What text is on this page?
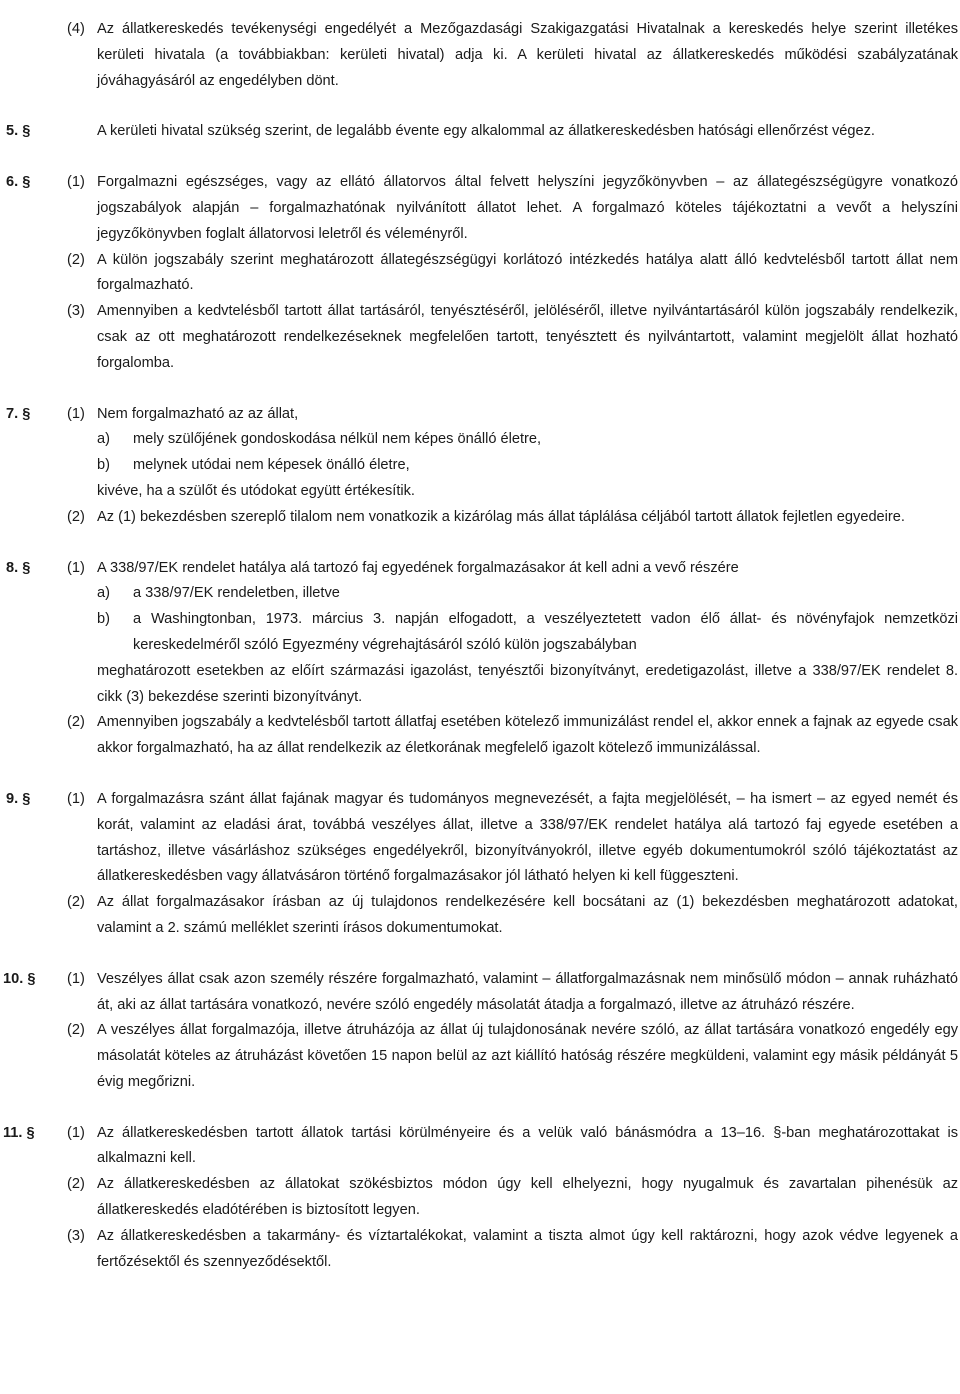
(4) Az állatkereskedés tevékenységi engedélyét a Mezőgazdasági Szakigazgatási Hivatalnak a kereskedés helye szerint illetékes kerületi hivatala (a továbbiakban: kerületi hivatal) adja ki. A kerületi hivatal az állatkereskedés működési szabályzatának jóváhagyásáról az engedélyben dönt.
5. §	A kerületi hivatal szükség szerint, de legalább évente egy alkalommal az állatkereskedésben hatósági ellenőrzést végez.
6. §	(1) Forgalmazni egészséges, vagy az ellátó állatorvos által felvett helyszíni jegyzőkönyvben – az állategészségügyre vonatkozó jogszabályok alapján – forgalmazhatónak nyilvánított állatot lehet. A forgalmazó köteles tájékoztatni a vevőt a helyszíni jegyzőkönyvben foglalt állatorvosi leletről és véleményről.
(2) A külön jogszabály szerint meghatározott állategészségügyi korlátozó intézkedés hatálya alatt álló kedvtelésből tartott állat nem forgalmazható.
(3) Amennyiben a kedvtelésből tartott állat tartásáról, tenyésztéséről, jelöléséről, illetve nyilvántartásáról külön jogszabály rendelkezik, csak az ott meghatározott rendelkezéseknek megfelelően tartott, tenyésztett és nyilvántartott, valamint megjelölt állat hozható forgalomba.
7. §	(1) Nem forgalmazható az az állat,
a) mely szülőjének gondoskodása nélkül nem képes önálló életre,
b) melynek utódai nem képesek önálló életre,
kivéve, ha a szülőt és utódokat együtt értékesítik.
(2) Az (1) bekezdésben szereplő tilalom nem vonatkozik a kizárólag más állat táplálása céljából tartott állatok fejletlen egyedeire.
8. §	(1) A 338/97/EK rendelet hatálya alá tartozó faj egyedének forgalmazásakor át kell adni a vevő részére
a) a 338/97/EK rendeletben, illetve
b) a Washingtonban, 1973. március 3. napján elfogadott, a veszélyeztetett vadon élő állat- és növényfajok nemzetközi kereskedelméről szóló Egyezmény végrehajtásáról szóló külön jogszabályban
meghatározott esetekben az előírt származási igazolást, tenyésztői bizonyítványt, eredetigazolást, illetve a 338/97/EK rendelet 8. cikk (3) bekezdése szerinti bizonyítványt.
(2) Amennyiben jogszabály a kedvtelésből tartott állatfaj esetében kötelező immunizálást rendel el, akkor ennek a fajnak az egyede csak akkor forgalmazható, ha az állat rendelkezik az életkorának megfelelő igazolt kötelező immunizálással.
9. §	(1) A forgalmazásra szánt állat fajának magyar és tudományos megnevezését, a fajta megjelölését, – ha ismert – az egyed nemét és korát, valamint az eladási árat, továbbá veszélyes állat, illetve a 338/97/EK rendelet hatálya alá tartozó faj egyede esetében a tartáshoz, illetve vásárláshoz szükséges engedélyekről, bizonyítványokról, illetve egyéb dokumentumokról szóló tájékoztatást az állatkereskedésben vagy állatvásáron történő forgalmazásakor jól látható helyen ki kell függeszteni.
(2) Az állat forgalmazásakor írásban az új tulajdonos rendelkezésére kell bocsátani az (1) bekezdésben meghatározott adatokat, valamint a 2. számú melléklet szerinti írásos dokumentumokat.
10. § (1) Veszélyes állat csak azon személy részére forgalmazható, valamint – állatforgalmazásnak nem minősülő módon – annak ruházható át, aki az állat tartására vonatkozó, nevére szóló engedély másolatát átadja a forgalmazó, illetve az átruházó részére.
(2) A veszélyes állat forgalmazója, illetve átruházója az állat új tulajdonosának nevére szóló, az állat tartására vonatkozó engedély egy másolatát köteles az átruházást követően 15 napon belül az azt kiállító hatóság részére megküldeni, valamint egy másik példányát 5 évig megőrizni.
11. § (1) Az állatkereskedésben tartott állatok tartási körülményeire és a velük való bánásmódra a 13–16. §-ban meghatározottakat is alkalmazni kell.
(2) Az állatkereskedésben az állatokat szökésbiztos módon úgy kell elhelyezni, hogy nyugalmuk és zavartalan pihenésük az állatkereskedés eladótérében is biztosított legyen.
(3) Az állatkereskedésben a takarmány- és víztartalékokat, valamint a tiszta almot úgy kell raktározni, hogy azok védve legyenek a fertőzésektől és szennyeződésektől.
